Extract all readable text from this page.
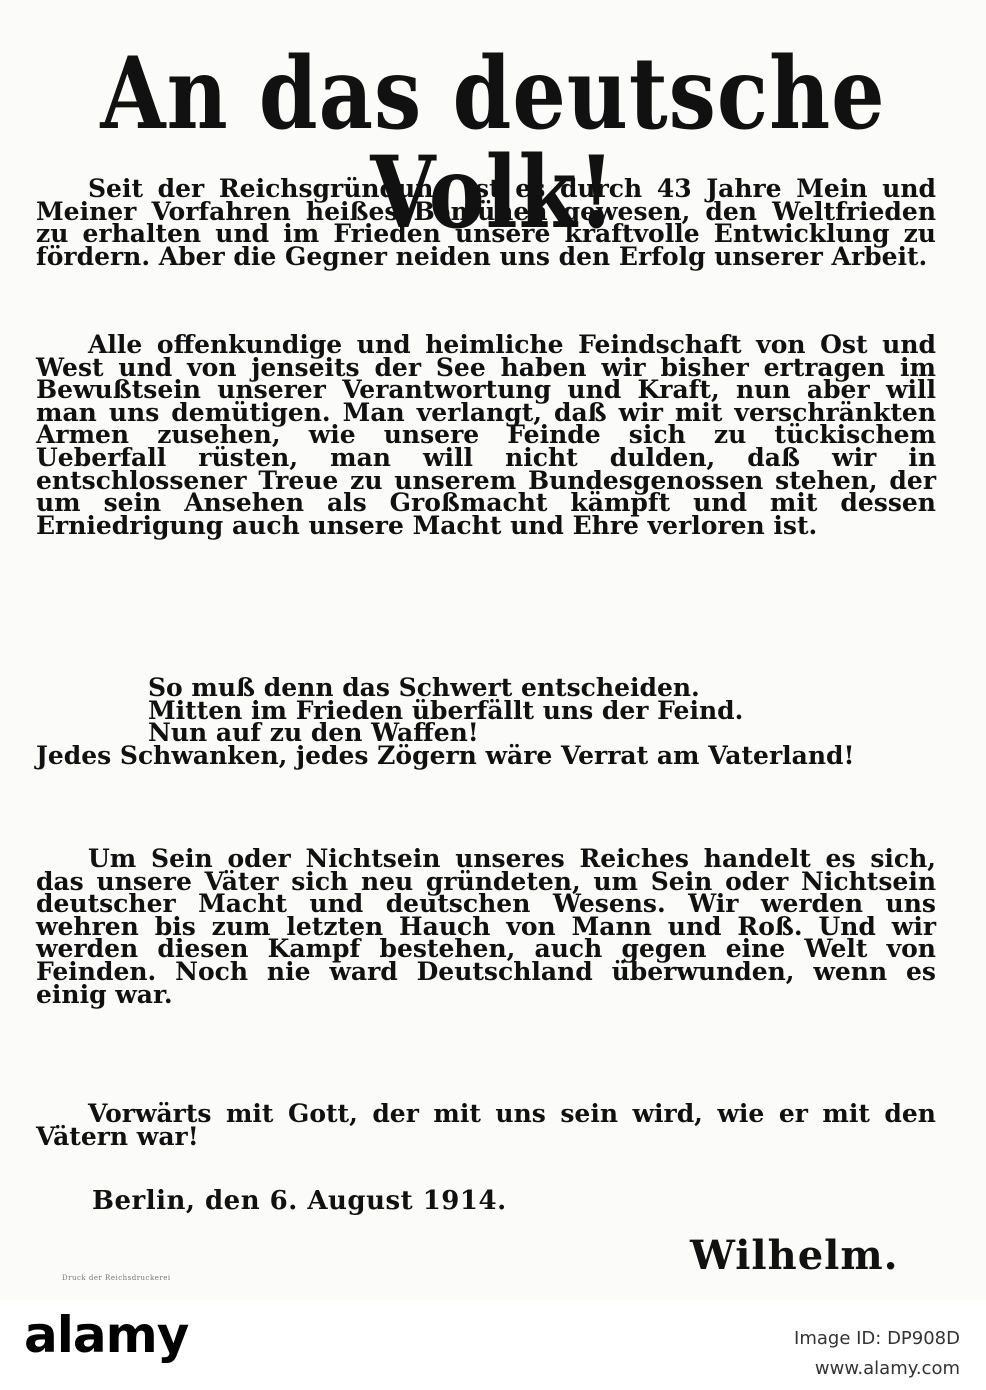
An das deutsche Volk!

Seit der Reichsgründung ist es durch 43 Jahre Mein und Meiner Vorfahren heißes Bemühen gewesen, den Weltfrieden zu erhalten und im Frieden unsere kraftvolle Entwicklung zu fördern. Aber die Gegner neiden uns den Erfolg unserer Arbeit.

Alle offenkundige und heimliche Feindschaft von Ost und West und von jenseits der See haben wir bisher ertragen im Bewußtsein unserer Verantwortung und Kraft, nun aber will man uns demütigen. Man verlangt, daß wir mit verschränkten Armen zusehen, wie unsere Feinde sich zu tückischem Ueberfall rüsten, man will nicht dulden, daß wir in entschlossener Treue zu unserem Bundesgenossen stehen, der um sein Ansehen als Großmacht kämpft und mit dessen Erniedrigung auch unsere Macht und Ehre verloren ist.

So muß denn das Schwert entscheiden.
Mitten im Frieden überfällt uns der Feind.
Nun auf zu den Waffen!
Jedes Schwanken, jedes Zögern wäre Verrat am Vaterland!

Um Sein oder Nichtsein unseres Reiches handelt es sich, das unsere Väter sich neu gründeten, um Sein oder Nichtsein deutscher Macht und deutschen Wesens. Wir werden uns wehren bis zum letzten Hauch von Mann und Roß. Und wir werden diesen Kampf bestehen, auch gegen eine Welt von Feinden. Noch nie ward Deutschland überwunden, wenn es einig war.

Vorwärts mit Gott, der mit uns sein wird, wie er mit den Vätern war!

Berlin, den 6. August 1914.
Wilhelm.
Druck der Reichsdruckerei
alamy	Image ID: DP908D
www.alamy.com
